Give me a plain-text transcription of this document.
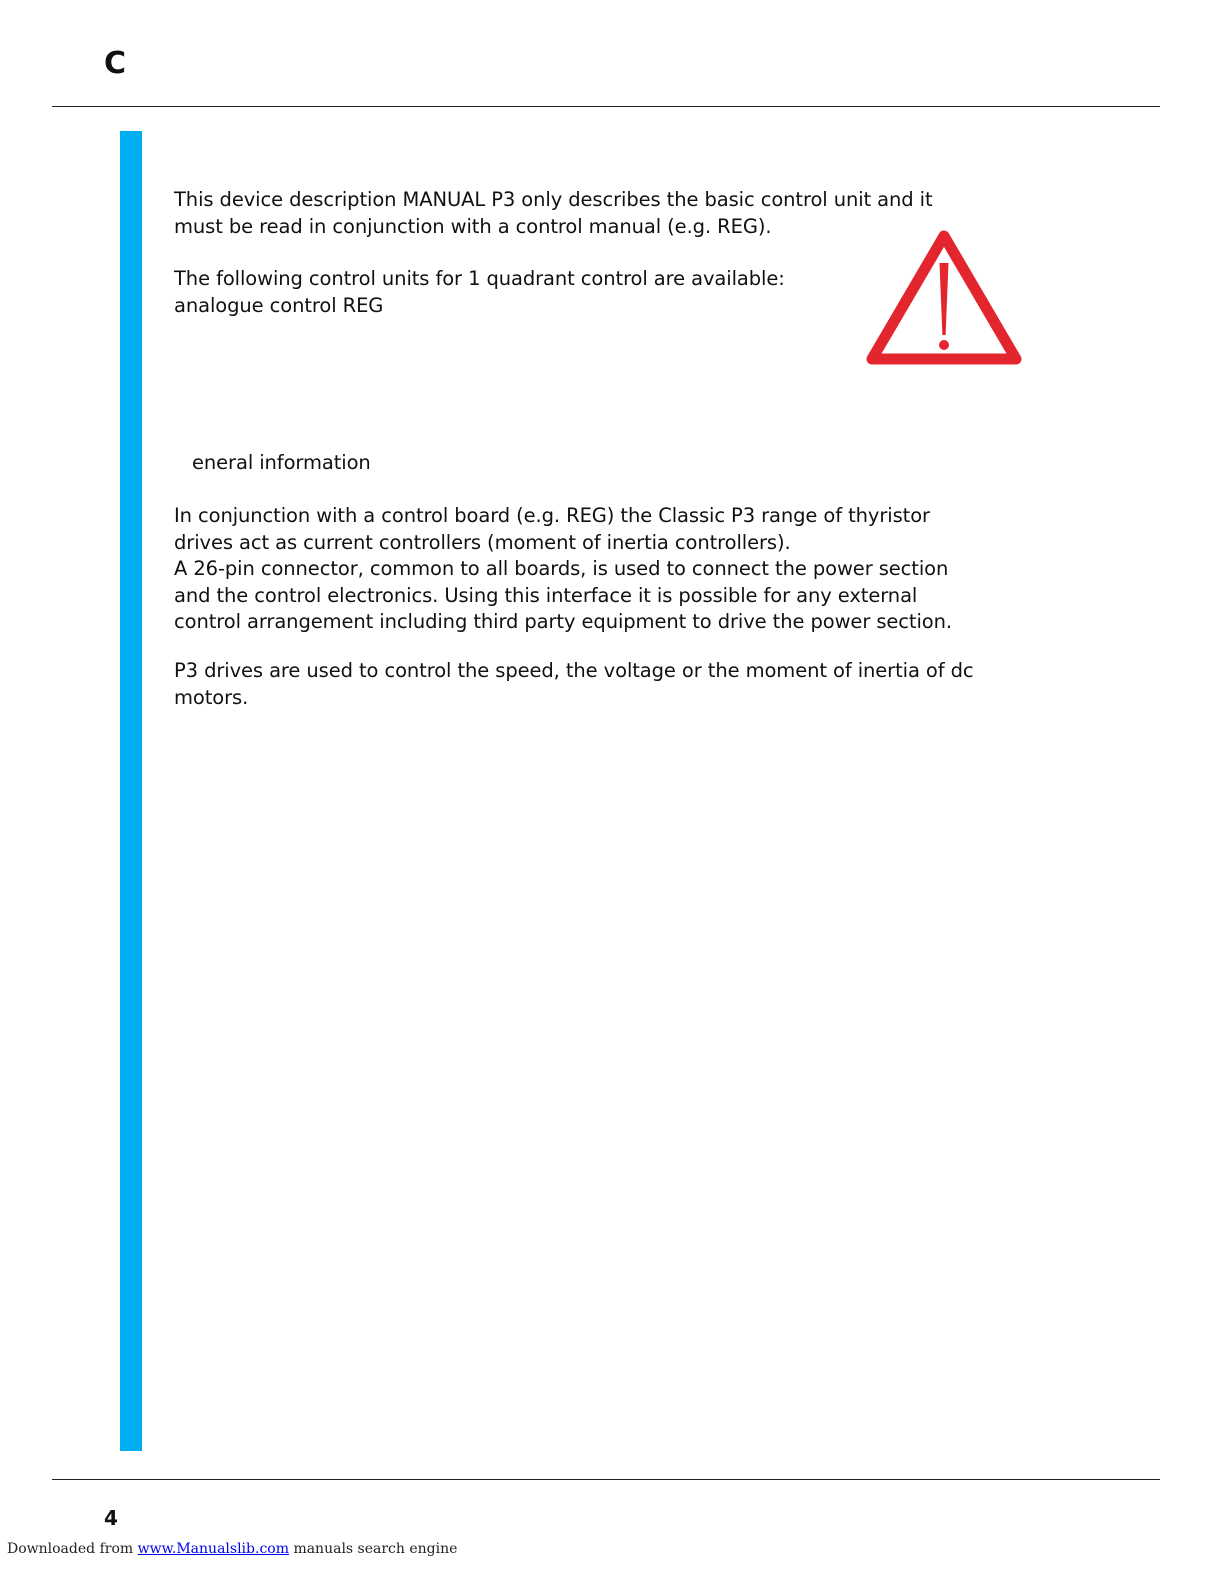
C
This device description MANUAL P3 only describes the basic control unit and it
must be read in conjunction with a control manual (e.g. REG).
The following control units for 1 quadrant control are available:
analogue control REG
eneral information
In conjunction with a control board (e.g. REG) the Classic P3 range of thyristor
drives act as current controllers (moment of inertia controllers).
A 26-pin connector, common to all boards, is used to connect the power section
and the control electronics. Using this interface it is possible for any external
control arrangement including third party equipment to drive the power section.
P3 drives are used to control the speed, the voltage or the moment of inertia of dc
motors.
4
Downloaded from www.Manualslib.com manuals search engine
